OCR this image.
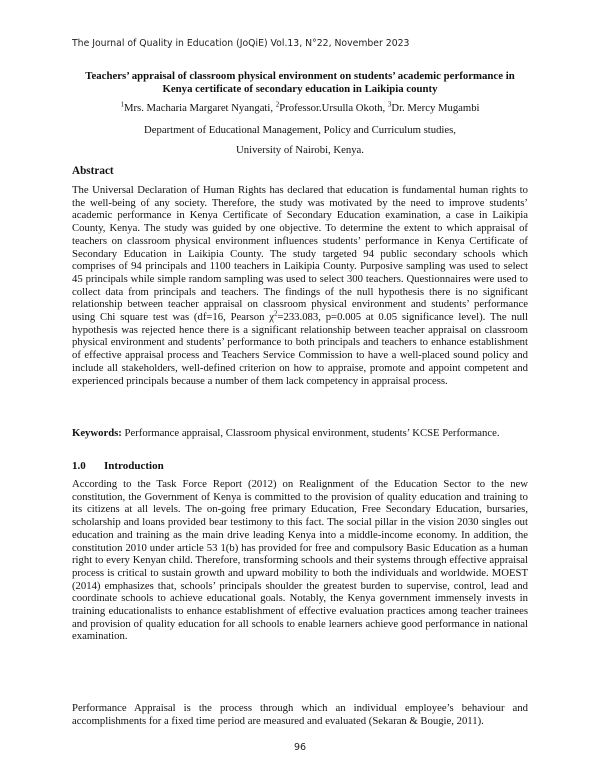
The Journal of Quality in Education (JoQiE) Vol.13, N°22, November 2023

Teachers’ appraisal of classroom physical environment on students’ academic performance in Kenya certificate of secondary education in Laikipia county

$^1$Mrs. Macharia Margaret Nyangati, $^2$Professor.Ursulla Okoth, $^3$Dr. Mercy Mugambi

Department of Educational Management, Policy and Curriculum studies,

University of Nairobi, Kenya.

Abstract

The Universal Declaration of Human Rights has declared that education is fundamental human rights to the well-being of any society. Therefore, the study was motivated by the need to improve students’ academic performance in Kenya Certificate of Secondary Education examination, a case in Laikipia County, Kenya. The study was guided by one objective. To determine the extent to which appraisal of teachers on classroom physical environment influences students’ performance in Kenya Certificate of Secondary Education in Laikipia County. The study targeted 94 public secondary schools which comprises of 94 principals and 1100 teachers in Laikipia County. Purposive sampling was used to select 45 principals while simple random sampling was used to select 300 teachers. Questionnaires were used to collect data from principals and teachers. The findings of the null hypothesis there is no significant relationship between teacher appraisal on classroom physical environment and students’ performance using Chi square test was (df=16, Pearson $\chi^2=233.083$, p=0.005 at 0.05 significance level). The null hypothesis was rejected hence there is a significant relationship between teacher appraisal on classroom physical environment and students’ performance to both principals and teachers to enhance establishment of effective appraisal process and Teachers Service Commission to have a well-placed sound policy and include all stakeholders, well-defined criterion on how to appraise, promote and appoint competent and experienced principals because a number of them lack competency in appraisal process.

Keywords: Performance appraisal, Classroom physical environment, students’ KCSE Performance.

1.0 Introduction

According to the Task Force Report (2012) on Realignment of the Education Sector to the new constitution, the Government of Kenya is committed to the provision of quality education and training to its citizens at all levels. The on-going free primary Education, Free Secondary Education, bursaries, scholarship and loans provided bear testimony to this fact. The social pillar in the vision 2030 singles out education and training as the main drive leading Kenya into a middle-income economy. In addition, the constitution 2010 under article 53 1(b) has provided for free and compulsory Basic Education as a human right to every Kenyan child. Therefore, transforming schools and their systems through effective appraisal process is critical to sustain growth and upward mobility to both the individuals and worldwide. MOEST (2014) emphasizes that, schools’ principals shoulder the greatest burden to supervise, control, lead and coordinate schools to achieve educational goals. Notably, the Kenya government immensely invests in training educationalists to enhance establishment of effective evaluation practices among teacher trainees and provision of quality education for all schools to enable learners achieve good performance in national examination.

Performance Appraisal is the process through which an individual employee’s behaviour and accomplishments for a fixed time period are measured and evaluated (Sekaran & Bougie, 2011).

96
